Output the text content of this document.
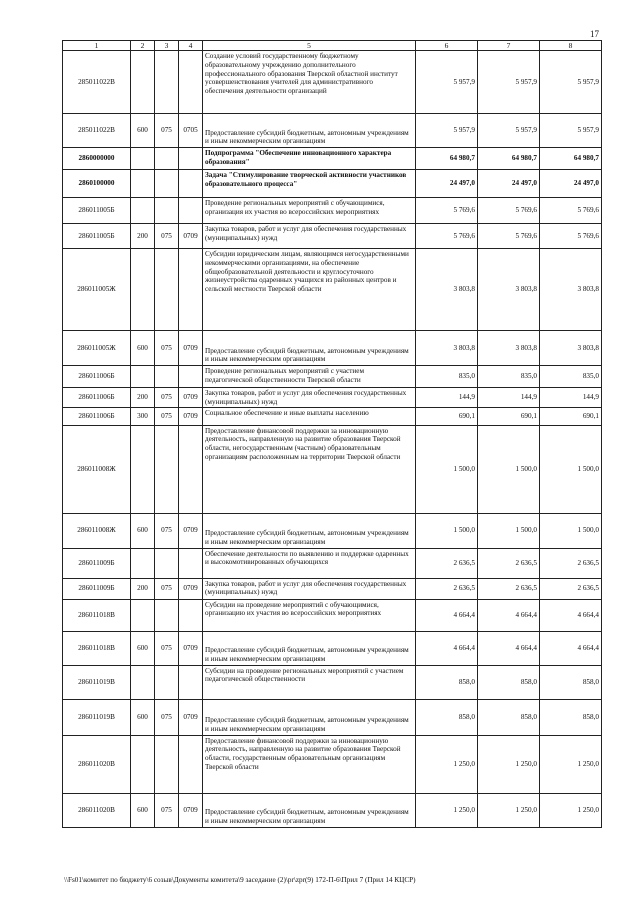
17
1	2	3	4	5	6	7	8
285011022В				Создание условий государственному бюджетному образовательному учреждению дополнительного профессионального образования Тверской областной институт усовершенствования учителей для административного обеспечения деятельности организаций	5 957,9	5 957,9	5 957,9
285011022В	600	075	0705	Предоставление субсидий бюджетным, автономным учреждениям и иным некоммерческим организациям	5 957,9	5 957,9	5 957,9
2860000000				Подпрограмма "Обеспечение инновационного характера образования"	64 980,7	64 980,7	64 980,7
2860100000				Задача "Стимулирование творческой активности участников образовательного процесса"	24 497,0	24 497,0	24 497,0
286011005Б				Проведение региональных мероприятий с обучающимися, организация их участия во всероссийских мероприятиях	5 769,6	5 769,6	5 769,6
286011005Б	200	075	0709	Закупка товаров, работ и услуг для обеспечения государственных (муниципальных) нужд	5 769,6	5 769,6	5 769,6
286011005Ж				Субсидии юридическим лицам, являющимся негосударственными некоммерческими организациями, на обеспечение общеобразовательной деятельности и круглосуточного жизнеустройства одаренных учащихся из районных центров и сельской местности Тверской области	3 803,8	3 803,8	3 803,8
286011005Ж	600	075	0709	Предоставление субсидий бюджетным, автономным учреждениям и иным некоммерческим организациям	3 803,8	3 803,8	3 803,8
286011006Б				Проведение региональных мероприятий с участием педагогической общественности Тверской области	835,0	835,0	835,0
286011006Б	200	075	0709	Закупка товаров, работ и услуг для обеспечения государственных (муниципальных) нужд	144,9	144,9	144,9
286011006Б	300	075	0709	Социальное обеспечение и иные выплаты населению	690,1	690,1	690,1
286011008Ж				Предоставление финансовой поддержки за инновационную деятельность, направленную на развитие образования Тверской области, негосударственным (частным) образовательным организациям расположенным на территории Тверской области	1 500,0	1 500,0	1 500,0
286011008Ж	600	075	0709	Предоставление субсидий бюджетным, автономным учреждениям и иным некоммерческим организациям	1 500,0	1 500,0	1 500,0
286011009Б				Обеспечение деятельности по выявлению и поддержке одаренных и высокомотивированных обучающихся	2 636,5	2 636,5	2 636,5
286011009Б	200	075	0709	Закупка товаров, работ и услуг для обеспечения государственных (муниципальных) нужд	2 636,5	2 636,5	2 636,5
286011018В				Субсидии на проведение мероприятий с обучающимися, организацию их участия во всероссийских мероприятиях	4 664,4	4 664,4	4 664,4
286011018В	600	075	0709	Предоставление субсидий бюджетным, автономным учреждениям и иным некоммерческим организациям	4 664,4	4 664,4	4 664,4
286011019В				Субсидии на проведение региональных мероприятий с участием педагогической общественности	858,0	858,0	858,0
286011019В	600	075	0709	Предоставление субсидий бюджетным, автономным учреждениям и иным некоммерческим организациям	858,0	858,0	858,0
286011020В				Предоставление финансовой поддержки за инновационную деятельность, направленную на развитие образования Тверской области, государственным образовательным организациям Тверской области	1 250,0	1 250,0	1 250,0
286011020В	600	075	0709	Предоставление субсидий бюджетным, автономным учреждениям и иным некоммерческим организациям	1 250,0	1 250,0	1 250,0
\\Fs01\комитет по бюджету\6 созыв\Документы комитета\9 заседание (2)\pr\zpr(9) 172-П-6\Прил 7 (Прил 14 КЦСР)
